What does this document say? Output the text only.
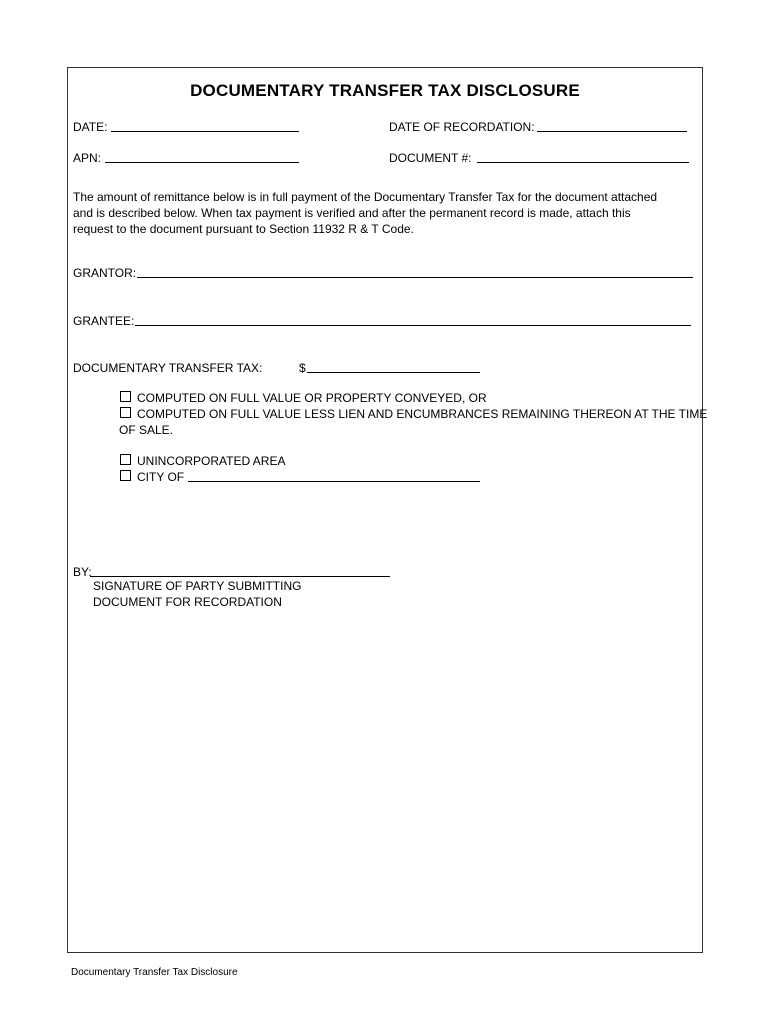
DOCUMENTARY TRANSFER TAX DISCLOSURE
DATE:	DATE OF RECORDATION:
APN:	DOCUMENT #:
The amount of remittance below is in full payment of the Documentary Transfer Tax for the document attached
and is described below. When tax payment is verified and after the permanent record is made, attach this
request to the document pursuant to Section 11932 R & T Code.
GRANTOR:
GRANTEE:
DOCUMENTARY TRANSFER TAX:	$
COMPUTED ON FULL VALUE OR PROPERTY CONVEYED, OR
COMPUTED ON FULL VALUE LESS LIEN AND ENCUMBRANCES REMAINING THEREON AT THE TIME
OF SALE.
UNINCORPORATED AREA
CITY OF
BY:
SIGNATURE OF PARTY SUBMITTING
DOCUMENT FOR RECORDATION
Documentary Transfer Tax Disclosure
